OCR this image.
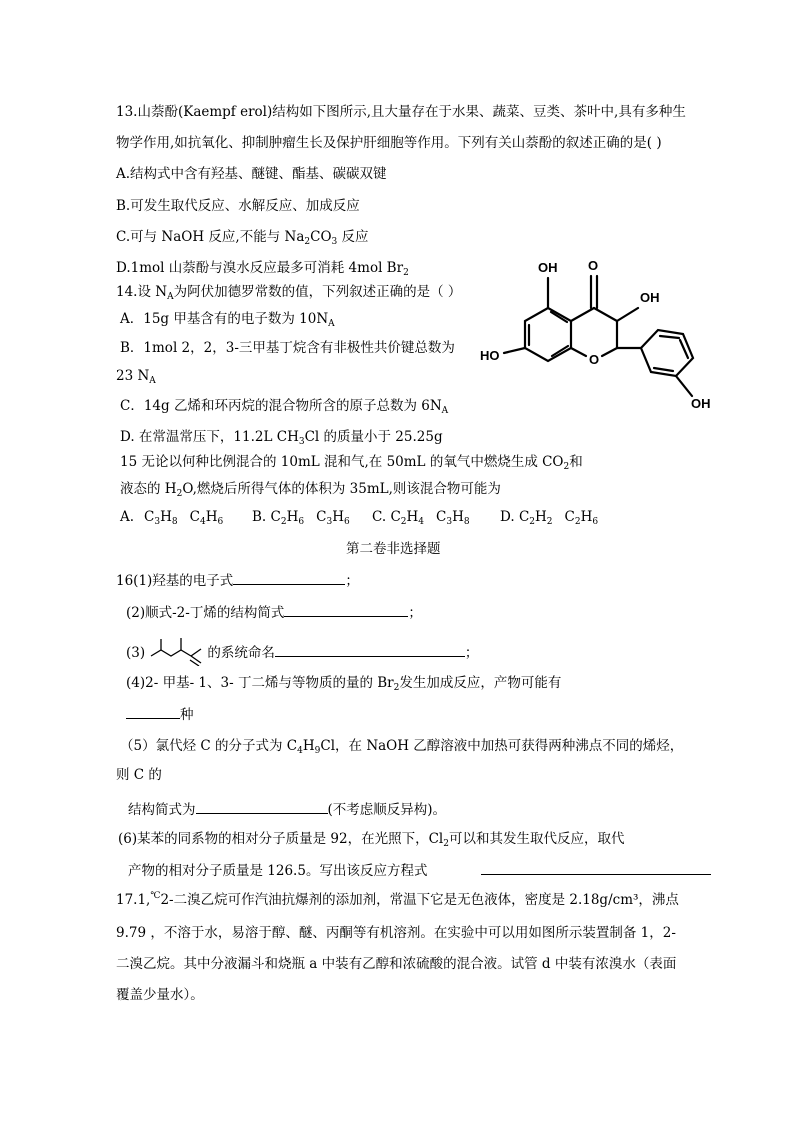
13.山萘酚(Kaempf erol)结构如下图所示,且大量存在于水果、蔬菜、豆类、茶叶中,具有多种生
物学作用,如抗氧化、抑制肿瘤生长及保护肝细胞等作用。下列有关山萘酚的叙述正确的是( )
A.结构式中含有羟基、醚键、酯基、碳碳双键
B.可发生取代反应、水解反应、加成反应
C.可与 NaOH 反应,不能与 $Na_2CO_3$ 反应
D.1mol 山萘酚与溴水反应最多可消耗 4mol $Br_2$	OH O
OH
HO	O
OH
14.设 $N_A$为阿伏加德罗常数的值，下列叙述正确的是（ ）
A．15g 甲基含有的电子数为 $10N_A$
B．1mol 2，2，3-三甲基丁烷含有非极性共价键总数为
23 $N_A$
C．14g 乙烯和环丙烷的混合物所含的原子总数为 $6N_A$
D. 在常温常压下，11.2L $CH_3Cl$ 的质量小于 25.25g
15 无论以何种比例混合的 10mL 混和气,在 50mL 的氧气中燃烧生成 $CO_2$和
液态的 $H_2O$,燃烧后所得气体的体积为 35mL,则该混合物可能为
A. $C_3H_8$ $C_4H_6$ B. $C_2H_6$ $C_3H_6$ C. $C_2H_4$ $C_3H_8$ D. $C_2H_2$ $C_2H_6$
第二卷非选择题
16(1)羟基的电子式	；
(2)顺式-2-丁烯的结构简式	；
(3)	的系统命名	；
(4)2- 甲基- 1、3- 丁二烯与等物质的量的 $Br_2$发生加成反应，产物可能有
种
（5）氯代烃 C 的分子式为 $C_4H_9Cl$，在 NaOH 乙醇溶液中加热可获得两种沸点不同的烯烃，
则 C 的
结构简式为	(不考虑顺反异构)。
(6)某苯的同系物的相对分子质量是 92，在光照下，$Cl_2$可以和其发生取代反应，取代
产物的相对分子质量是 126.5。写出该反应方程式
17.1,℃2-二溴乙烷可作汽油抗爆剂的添加剂，常温下它是无色液体，密度是 2.18g/cm³，沸点
9.79 ，不溶于水，易溶于醇、醚、丙酮等有机溶剂。在实验中可以用如图所示装置制备 1，2-
二溴乙烷。其中分液漏斗和烧瓶 a 中装有乙醇和浓硫酸的混合液。试管 d 中装有浓溴水（表面
覆盖少量水）。
